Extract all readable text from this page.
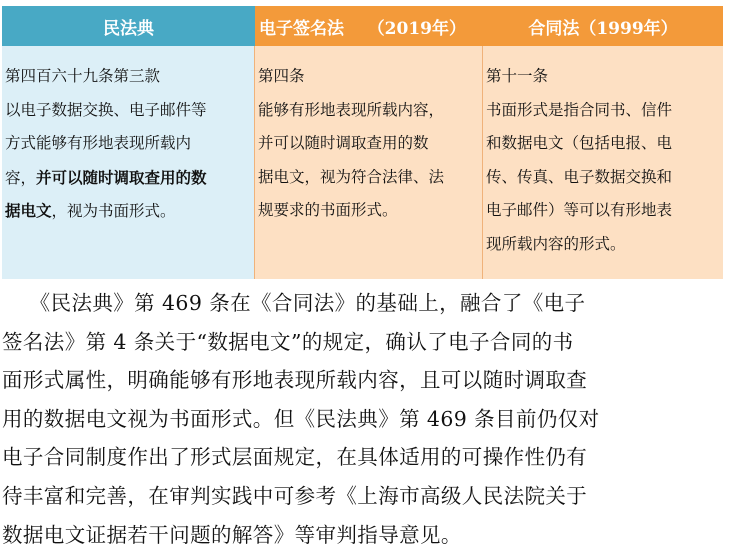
民法典	电子签名法    （2019年）	合同法（1999年）
第四百六十九条第三款
以电子数据交换、电子邮件等
方式能够有形地表现所载内
容，并可以随时调取查用的数
据电文，视为书面形式。
第四条
能够有形地表现所载内容，
并可以随时调取查用的数
据电文，视为符合法律、法
规要求的书面形式。
第十一条
书面形式是指合同书、信件
和数据电文（包括电报、电
传、传真、电子数据交换和
电子邮件）等可以有形地表
现所载内容的形式。
《民法典》第 469 条在《合同法》的基础上，融合了《电子
签名法》第 4 条关于“数据电文”的规定，确认了电子合同的书
面形式属性，明确能够有形地表现所载内容，且可以随时调取查
用的数据电文视为书面形式。但《民法典》第 469 条目前仍仅对
电子合同制度作出了形式层面规定，在具体适用的可操作性仍有
待丰富和完善，在审判实践中可参考《上海市高级人民法院关于
数据电文证据若干问题的解答》等审判指导意见。
